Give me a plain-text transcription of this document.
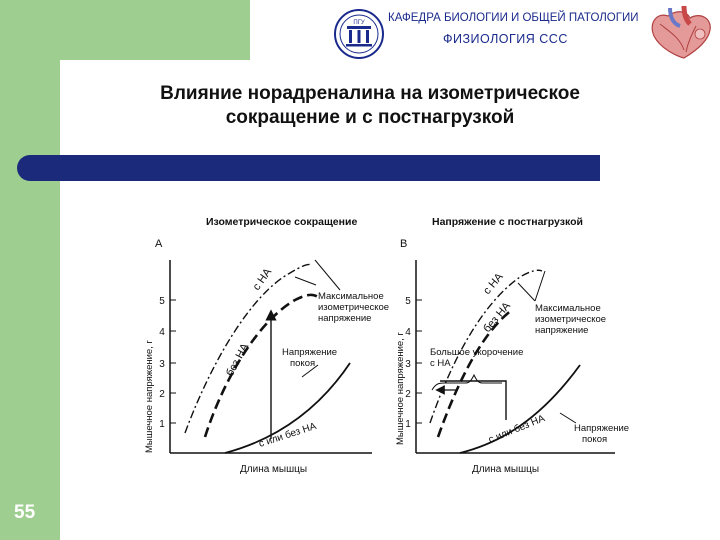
ПГУ КАФЕДРА БИОЛОГИИ И ОБЩЕЙ ПАТОЛОГИИ
ФИЗИОЛОГИЯ ССС
Влияние норадреналина на изометрическое
сокращение и с постнагрузкой
55
А
Изометрическое сокращение
Мышечное напряжение, г
Длина мышцы
1
2
3
4
5
с НА
без НА
с или без НА
Максимальное изометрическое напряжение
Напряжение покоя
В
Напряжение с постнагрузкой
Мышечное напряжение, г
Длина мышцы
1
2
3
4
5
с НА
без НА
с или без НА
Максимальное изометрическое напряжение
Большое укорочение с НА
Напряжение покоя
